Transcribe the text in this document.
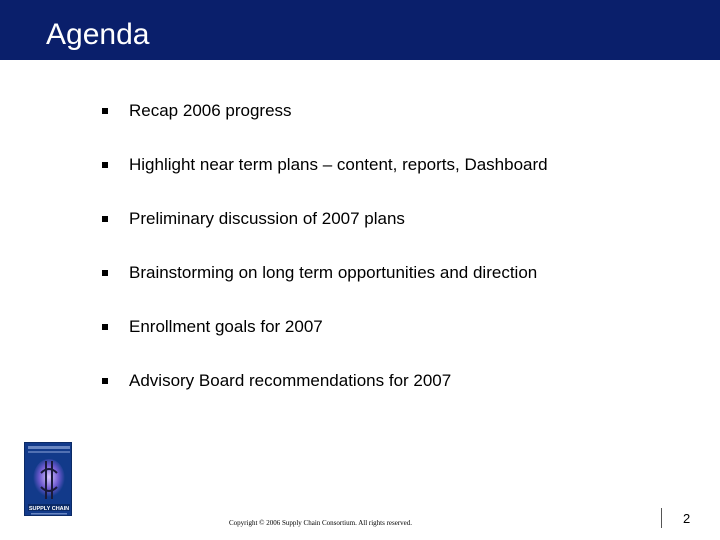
Agenda
Recap 2006 progress
Highlight near term plans – content, reports, Dashboard
Preliminary discussion of 2007 plans
Brainstorming on long term opportunities and direction
Enrollment goals for 2007
Advisory Board recommendations for 2007
SUPPLY CHAIN
Copyright © 2006 Supply Chain Consortium. All rights reserved.	2
